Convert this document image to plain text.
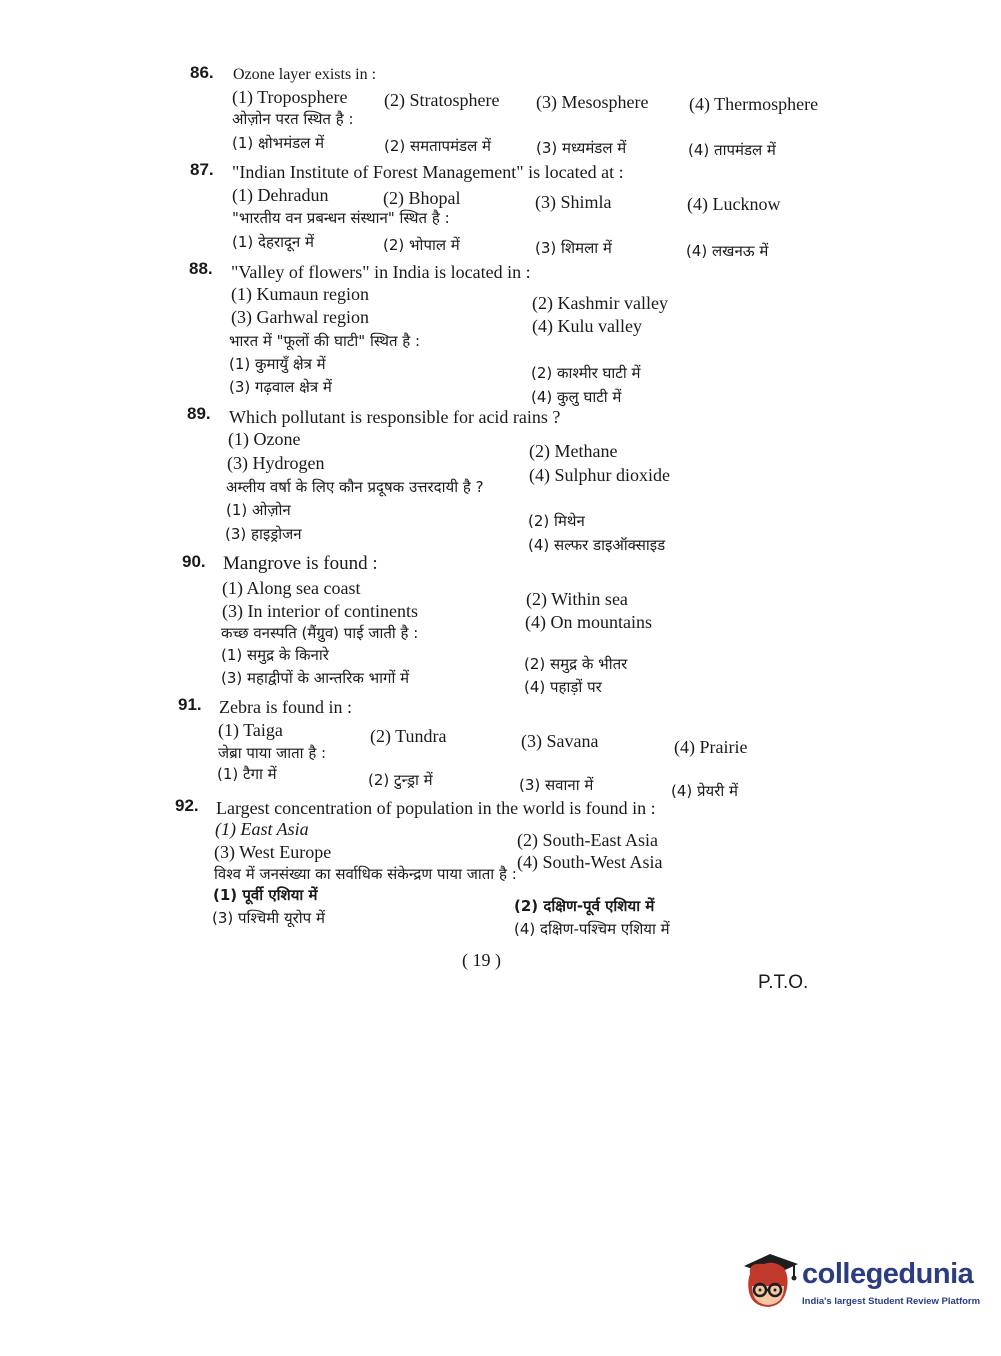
86. Ozone layer exists in :
(1) Troposphere (2) Stratosphere (3) Mesosphere (4) Thermosphere
ओज़ोन परत स्थित है :
(1) क्षोभमंडल में	(2) समतापमंडल में	(3) मध्यमंडल में	(4) तापमंडल में
87. "Indian Institute of Forest Management" is located at :
(1) Dehradun	(2) Bhopal	(3) Shimla	(4) Lucknow
"भारतीय वन प्रबन्धन संस्थान" स्थित है :
(1) देहरादून में	(2) भोपाल में	(3) शिमला में	(4) लखनऊ में
88. "Valley of flowers" in India is located in :
(1) Kumaun region	(2) Kashmir valley
(3) Garhwal region	(4) Kulu valley
भारत में "फूलों की घाटी" स्थित है :
(1) कुमायुँ क्षेत्र में	(2) काश्मीर घाटी में
(3) गढ़वाल क्षेत्र में
(4) कुलु घाटी में
89. Which pollutant is responsible for acid rains ?
(1) Ozone
(2) Methane
(3) Hydrogen
(4) Sulphur dioxide
अम्लीय वर्षा के लिए कौन प्रदूषक उत्तरदायी है ?
(1) ओज़ोन
(2) मिथेन
(3) हाइड्रोजन
(4) सल्फर डाइऑक्साइड
90. Mangrove is found :
(1) Along sea coast
(2) Within sea
(3) In interior of continents
(4) On mountains
कच्छ वनस्पति (मैंग्रुव) पाई जाती है :
(1) समुद्र के किनारे	(2) समुद्र के भीतर
(3) महाद्वीपों के आन्तरिक भागों में	(4) पहाड़ों पर
91. Zebra is found in :
(1) Taiga	(2) Tundra	(3) Savana	(4) Prairie
जेब्रा पाया जाता है :
(1) टैगा में	(2) टुन्ड्रा में	(3) सवाना में	(4) प्रेयरी में
92. Largest concentration of population in the world is found in :
(1) East Asia
(2) South-East Asia
(3) West Europe	(4) South-West Asia
विश्व में जनसंख्या का सर्वाधिक संकेन्द्रण पाया जाता है :
(1) पूर्वी एशिया में
(2) दक्षिण-पूर्व एशिया में
(3) पश्चिमी यूरोप में
(4) दक्षिण-पश्चिम एशिया में
( 19 )
P.T.O.
collegedunia
India's largest Student Review Platform
